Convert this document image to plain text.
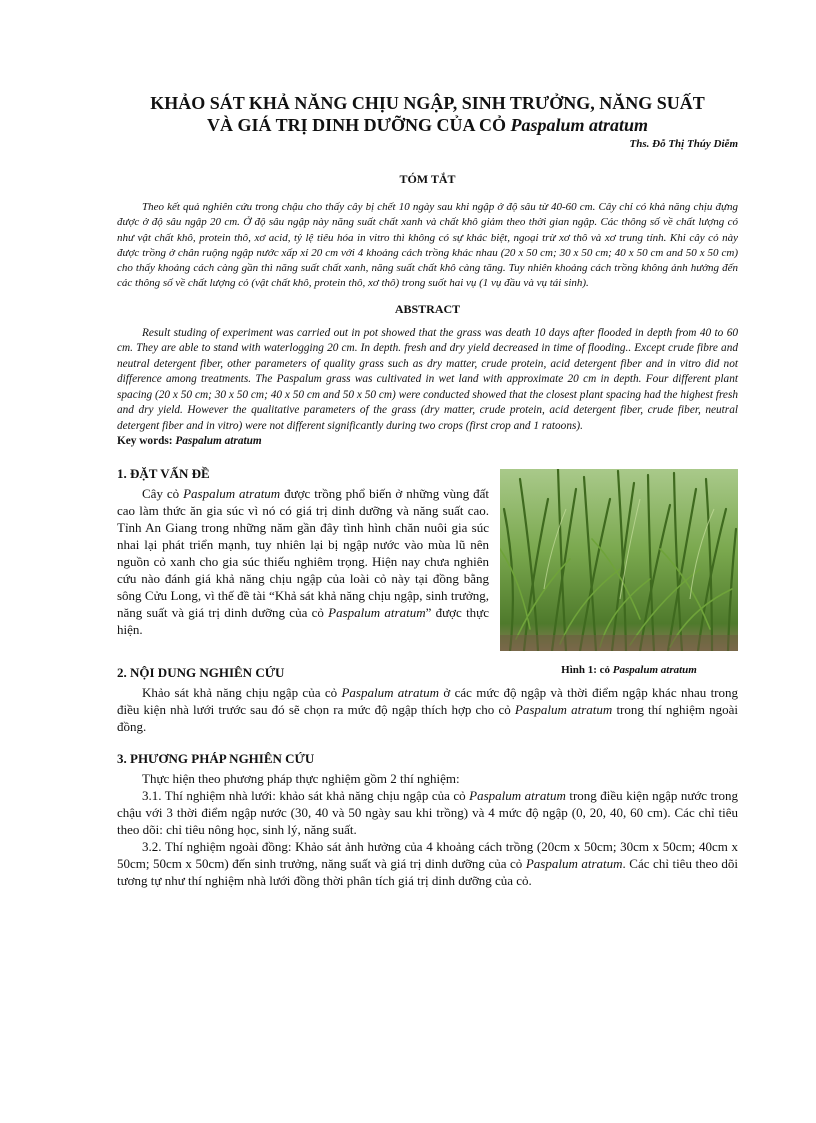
KHẢO SÁT KHẢ NĂNG CHỊU NGẬP, SINH TRƯỞNG, NĂNG SUẤT
VÀ GIÁ TRỊ DINH DƯỠNG CỦA CỎ Paspalum atratum

Ths. Đỗ Thị Thúy Diễm

TÓM TẮT

Theo kết quả nghiên cứu trong chậu cho thấy cây bị chết 10 ngày sau khi ngập ở độ sâu từ 40-60 cm. Cây chỉ có khả năng chịu đựng được ở độ sâu ngập 20 cm. Ở độ sâu ngập này năng suất chất xanh và chất khô giảm theo thời gian ngập. Các thông số về chất lượng có như vật chất khô, protein thô, xơ acid, tỷ lệ tiêu hóa in vitro thì không có sự khác biệt, ngoại trừ xơ thô và xơ trung tính. Khi cây cỏ này được trồng ở chân ruộng ngập nước xấp xỉ 20 cm với 4 khoảng cách trồng khác nhau (20 x 50 cm; 30 x 50 cm; 40 x 50 cm and 50 x 50 cm) cho thấy khoảng cách càng gần thì năng suất chất xanh, năng suất chất khô càng tăng. Tuy nhiên khoảng cách trồng không ảnh hưởng đến các thông số về chất lượng cỏ (vật chất khô, protein thô, xơ thô) trong suốt hai vụ (1 vụ đầu và vụ tái sinh).

ABSTRACT

Result studing of experiment was carried out in pot showed that the grass was death 10 days after flooded in depth from 40 to 60 cm. They are able to stand with waterlogging 20 cm. In depth. fresh and dry yield decreased in time of flooding.. Except crude fibre and neutral detergent fiber, other parameters of quality grass such as dry matter, crude protein, acid detergent fiber and in vitro did not difference among treatments. The Paspalum grass was cultivated in wet land with approximate 20 cm in depth. Four different plant spacing (20 x 50 cm; 30 x 50 cm; 40 x 50 cm and 50 x 50 cm) were conducted showed that the closest plant spacing had the highest fresh and dry yield. However the qualitative parameters of the grass (dry matter, crude protein, acid detergent fiber, crude fiber, neutral detergent fiber and in vitro) were not different significantly during two crops (first crop and 1 ratoons).

Key words: Paspalum atratum

1. ĐẶT VẤN ĐỀ

Cây cỏ Paspalum atratum được trồng phổ biến ở những vùng đất cao làm thức ăn gia súc vì nó có giá trị dinh dưỡng và năng suất cao. Tỉnh An Giang trong những năm gần đây tình hình chăn nuôi gia súc nhai lại phát triển mạnh, tuy nhiên lại bị ngập nước vào mùa lũ nên nguồn cỏ xanh cho gia súc thiếu nghiêm trọng. Hiện nay chưa nghiên cứu nào đánh giá khả năng chịu ngập của loài cỏ này tại đồng bằng sông Cửu Long, vì thế đề tài “Khả sát khả năng chịu ngập, sinh trưởng, năng suất và giá trị dinh dưỡng của cỏ Paspalum atratum” được thực hiện.

Hình 1: cỏ Paspalum atratum

2. NỘI DUNG NGHIÊN CỨU

Khảo sát khả năng chịu ngập của cỏ Paspalum atratum ở các mức độ ngập và thời điểm ngập khác nhau trong điều kiện nhà lưới trước sau đó sẽ chọn ra mức độ ngập thích hợp cho cỏ Paspalum atratum trong thí nghiệm ngoài đồng.

3. PHƯƠNG PHÁP NGHIÊN CỨU

Thực hiện theo phương pháp thực nghiệm gồm 2 thí nghiệm:

3.1. Thí nghiệm nhà lưới: khảo sát khả năng chịu ngập của cỏ Paspalum atratum trong điều kiện ngập nước trong chậu với 3 thời điểm ngập nước (30, 40 và 50 ngày sau khi trồng) và 4 mức độ ngập (0, 20, 40, 60 cm). Các chỉ tiêu theo dõi: chỉ tiêu nông học, sinh lý, năng suất.

3.2. Thí nghiệm ngoài đồng: Khảo sát ảnh hưởng của 4 khoảng cách trồng (20cm x 50cm; 30cm x 50cm; 40cm x 50cm; 50cm x 50cm) đến sinh trưởng, năng suất và giá trị dinh dưỡng của cỏ Paspalum atratum. Các chỉ tiêu theo dõi tương tự như thí nghiệm nhà lưới đồng thời phân tích giá trị dinh dưỡng của cỏ.
